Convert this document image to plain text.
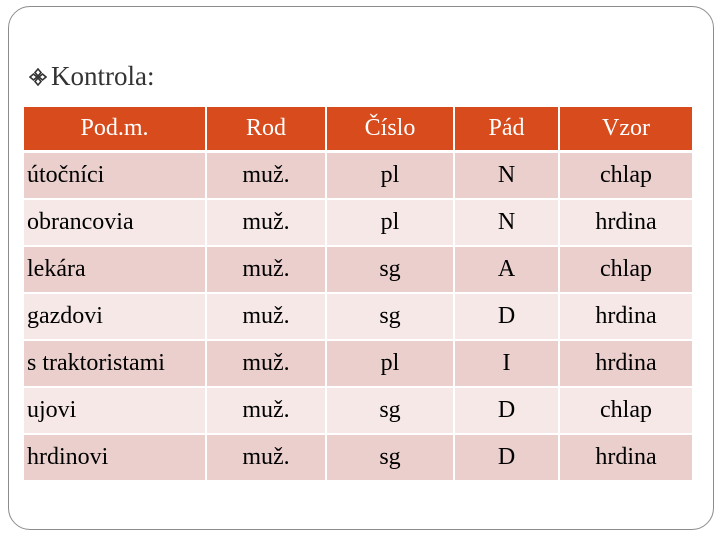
Kontrola:
Pod.m.	Rod	Číslo	Pád	Vzor
útočníci	muž.	pl	N	chlap
obrancovia	muž.	pl	N	hrdina
lekára	muž.	sg	A	chlap
gazdovi	muž.	sg	D	hrdina
s traktoristami	muž.	pl	I	hrdina
ujovi	muž.	sg	D	chlap
hrdinovi	muž.	sg	D	hrdina
